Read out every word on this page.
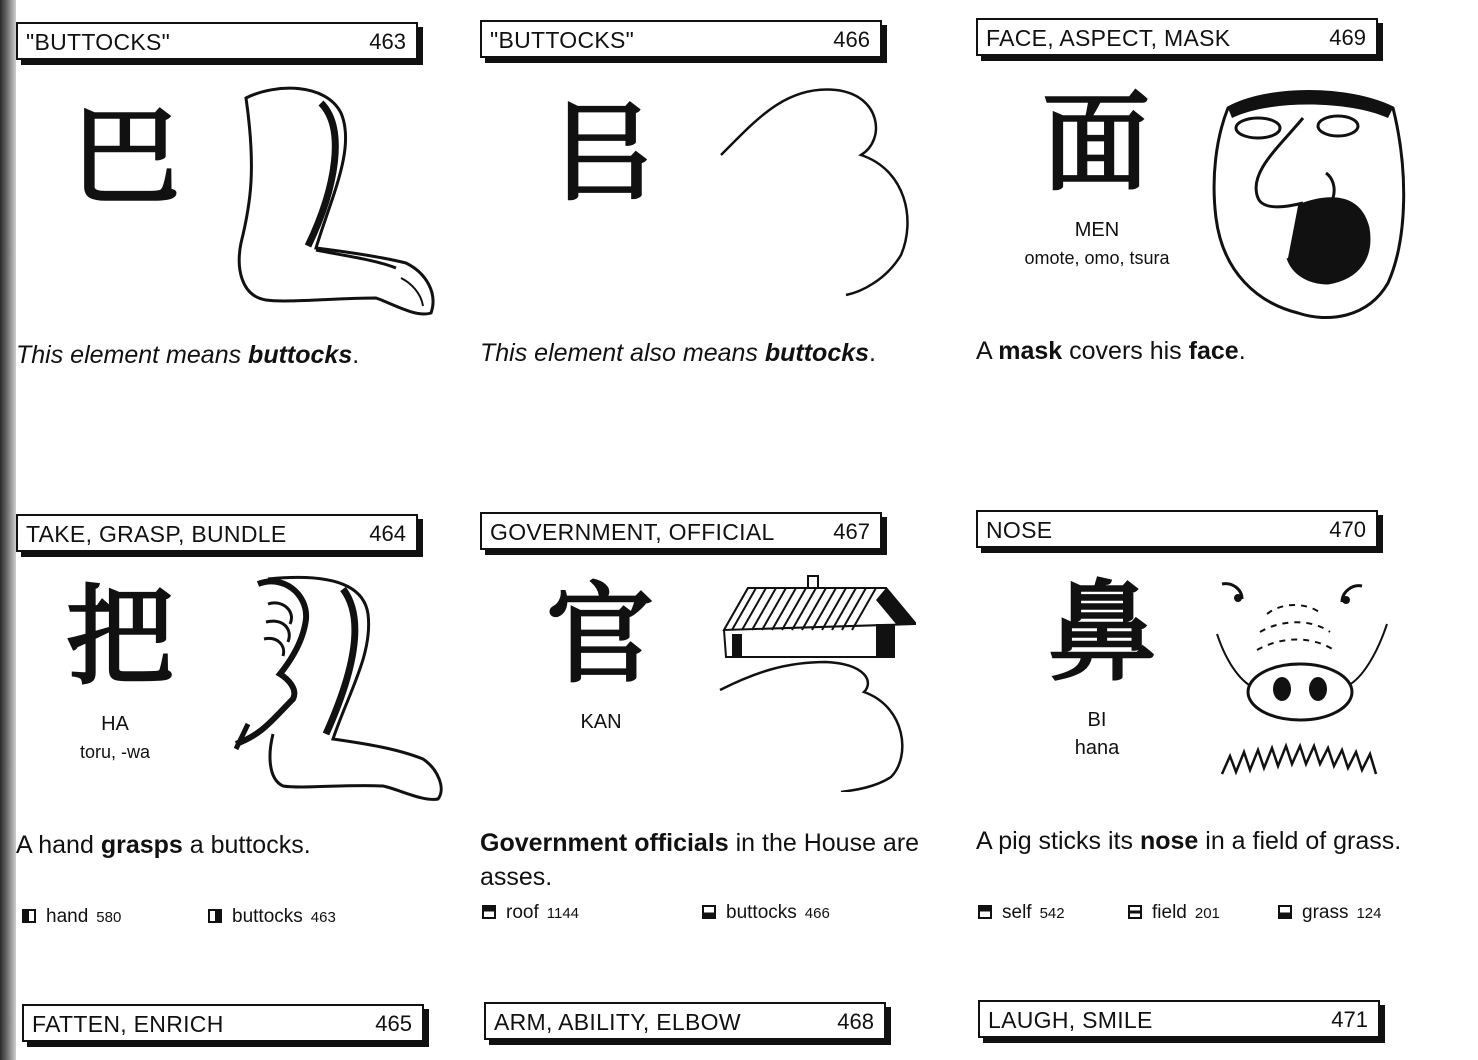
"BUTTOCKS"	463
巴
This element means buttocks.
"BUTTOCKS"	466
㠯
This element also means buttocks.
FACE, ASPECT, MASK	469
面
MEN
omote, omo, tsura
A mask covers his face.
TAKE, GRASP, BUNDLE	464
把
HA
toru, -wa
A hand grasps a buttocks.
hand 580	buttocks 463
GOVERNMENT, OFFICIAL	467
官
KAN
Government officials in the House are asses.
roof 1144	buttocks 466
NOSE	470
鼻
BI
hana
A pig sticks its nose in a field of grass.
self 542	field 201	grass 124
FATTEN, ENRICH	465	ARM, ABILITY, ELBOW	468	LAUGH, SMILE	471
